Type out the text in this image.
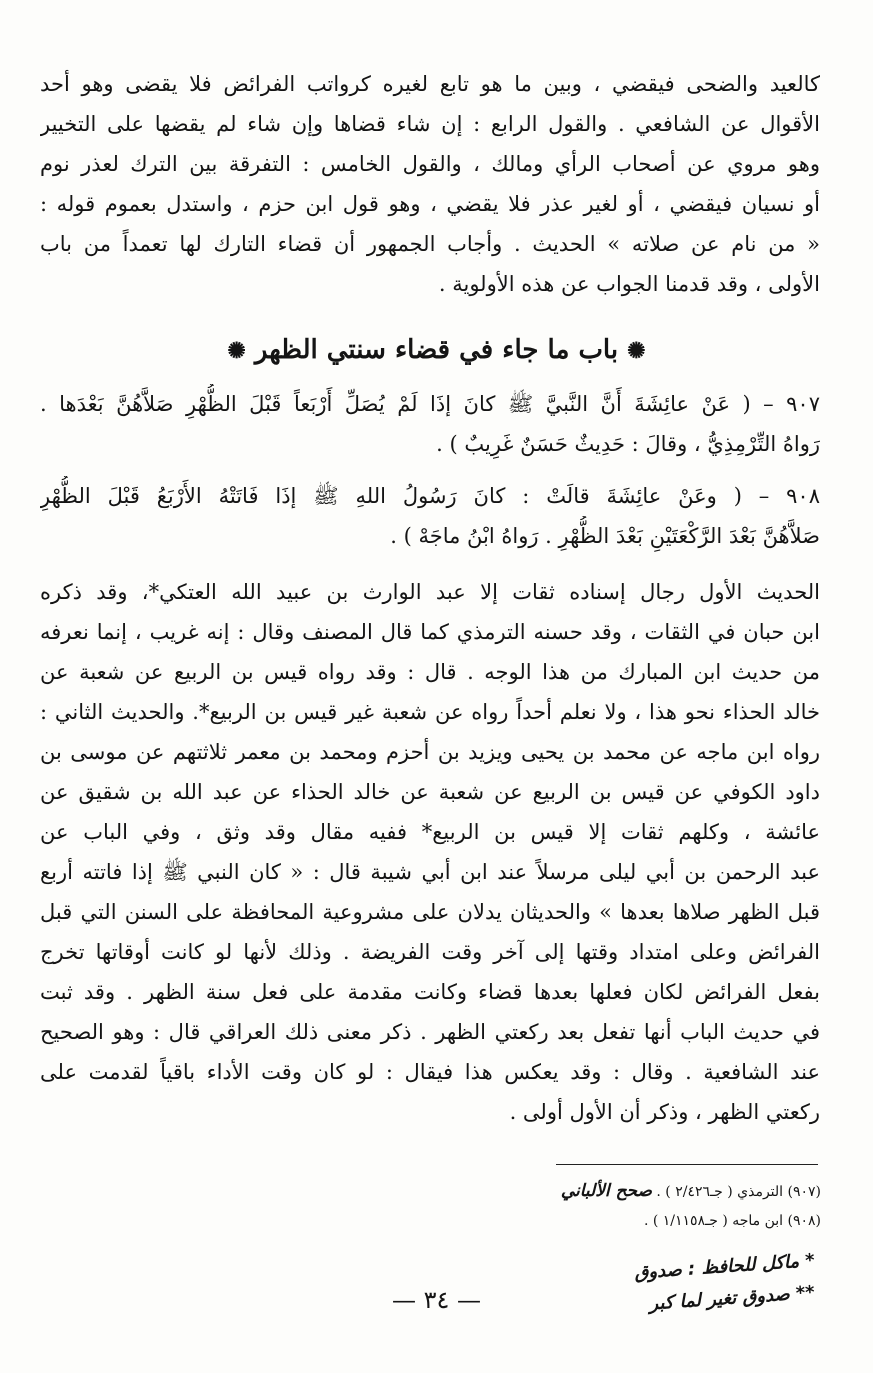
كالعيد والضحى فيقضي ، وبين ما هو تابع لغيره كرواتب الفرائض فلا يقضى وهو أحد
الأقوال عن الشافعي . والقول الرابع : إن شاء قضاها وإن شاء لم يقضها على التخيير
وهو مروي عن أصحاب الرأي ومالك ، والقول الخامس : التفرقة بين الترك لعذر نوم
أو نسيان فيقضي ، أو لغير عذر فلا يقضي ، وهو قول ابن حزم ، واستدل بعموم قوله :
« من نام عن صلاته » الحديث . وأجاب الجمهور أن قضاء التارك لها تعمداً من باب
الأولى ، وقد قدمنا الجواب عن هذه الأولوية .
✺ باب ما جاء في قضاء سنتي الظهر ✺
٩٠٧ – ( عَنْ عائِشَةَ أَنَّ النَّبيَّ ﷺ كانَ إذَا لَمْ يُصَلِّ أَرْبَعاً قَبْلَ الظُّهْرِ صَلاَّهُنَّ بَعْدَها .
رَواهُ التِّرْمِذِيُّ ، وقالَ : حَدِيثٌ حَسَنٌ غَرِيبٌ ) .
٩٠٨ – ( وعَنْ عائِشَةَ قالَتْ : كانَ رَسُولُ اللهِ ﷺ إذَا فَاتَتْهُ الأَرْبَعُ قَبْلَ الظُّهْرِ
صَلاَّهُنَّ بَعْدَ الرَّكْعَتَيْنِ بَعْدَ الظُّهْرِ . رَواهُ ابْنُ ماجَهْ ) .
الحديث الأول رجال إسناده ثقات إلا عبد الوارث بن عبيد الله العتكي*، وقد ذكره
ابن حبان في الثقات ، وقد حسنه الترمذي كما قال المصنف وقال : إنه غريب ، إنما نعرفه
من حديث ابن المبارك من هذا الوجه . قال : وقد رواه قيس بن الربيع عن شعبة عن
خالد الحذاء نحو هذا ، ولا نعلم أحداً رواه عن شعبة غير قيس بن الربيع*. والحديث الثاني :
رواه ابن ماجه عن محمد بن يحيى ويزيد بن أحزم ومحمد بن معمر ثلاثتهم عن موسى بن
داود الكوفي عن قيس بن الربيع عن شعبة عن خالد الحذاء عن عبد الله بن شقيق عن
عائشة ، وكلهم ثقات إلا قيس بن الربيع* ففيه مقال وقد وثق ، وفي الباب عن
عبد الرحمن بن أبي ليلى مرسلاً عند ابن أبي شيبة قال : « كان النبي ﷺ إذا فاتته أربع
قبل الظهر صلاها بعدها » والحديثان يدلان على مشروعية المحافظة على السنن التي قبل
الفرائض وعلى امتداد وقتها إلى آخر وقت الفريضة . وذلك لأنها لو كانت أوقاتها تخرج
بفعل الفرائض لكان فعلها بعدها قضاء وكانت مقدمة على فعل سنة الظهر . وقد ثبت
في حديث الباب أنها تفعل بعد ركعتي الظهر . ذكر معنى ذلك العراقي قال : وهو الصحيح
عند الشافعية . وقال : وقد يعكس هذا فيقال : لو كان وقت الأداء باقياً لقدمت على
ركعتي الظهر ، وذكر أن الأول أولى .
(٩٠٧) الترمذي ( جـ٢/٤٢٦ ) . صحح الألباني
(٩٠٨) ابن ماجه ( جـ١/١١٥٨ ) .
* ماكل للحافظ : صدوق
** صدوق تغير لما كبر
— ٣٤ —
